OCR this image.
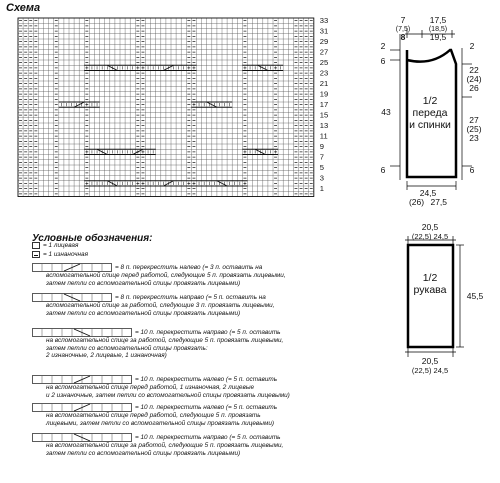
Схема
33
31
29
27
25
23
21
19
17
15
13
11
9
7
5
3
1
Условные обозначения:
= 1 лицевая
= 1 изнаночная
= 8 п. перекрестить налево (= 3 п. оставить на
вспомогательной спице перед работой, следующие 5 п. провязать лицевыми,
затем петли со вспомогательной спицы провязать лицевыми)
= 8 п. перекрестить направо (= 5 п. оставить на
вспомогательной спице за работой, следующие 3 п. провязать лицевыми,
затем петли со вспомогательной спицы провязать лицевыми)
= 10 п. перекрестить направо (= 5 п. оставить
на вспомогательной спице за работой, следующие 5 п. провязать лицевыми,
затем петли со вспомогательной спицы провязать:
2 изнаночные, 2 лицевые, 1 изнаночная)
= 10 п. перекрестить налево (= 5 п. оставить
на вспомогательной спице перед работой, 1 изнаночная, 2 лицевые
и 2 изнаночные, затем петли со вспомогательной спицы провязать лицевыми)
= 10 п. перекрестить налево (= 5 п. оставить
на вспомогательной спице перед работой, следующие 5 п. провязать
лицевыми, затем петли со вспомогательной спицы провязать лицевыми)
= 10 п. перекрестить направо (= 5 п. оставить
на вспомогательной спице за работой, следующие 5 п. провязать лицевыми,
затем петли со вспомогательной спицы провязать лицевыми)
7
(7,5)
8
17,5
(18,5)
19,5
2
6
2
22
(24)
26
27
(25)
23
43
6	6
24,5
(26) 27,5
1/2
переда
и спинки
20,5
(22,5) 24,5
45,5
20,5
(22,5) 24,5
1/2
рукава
